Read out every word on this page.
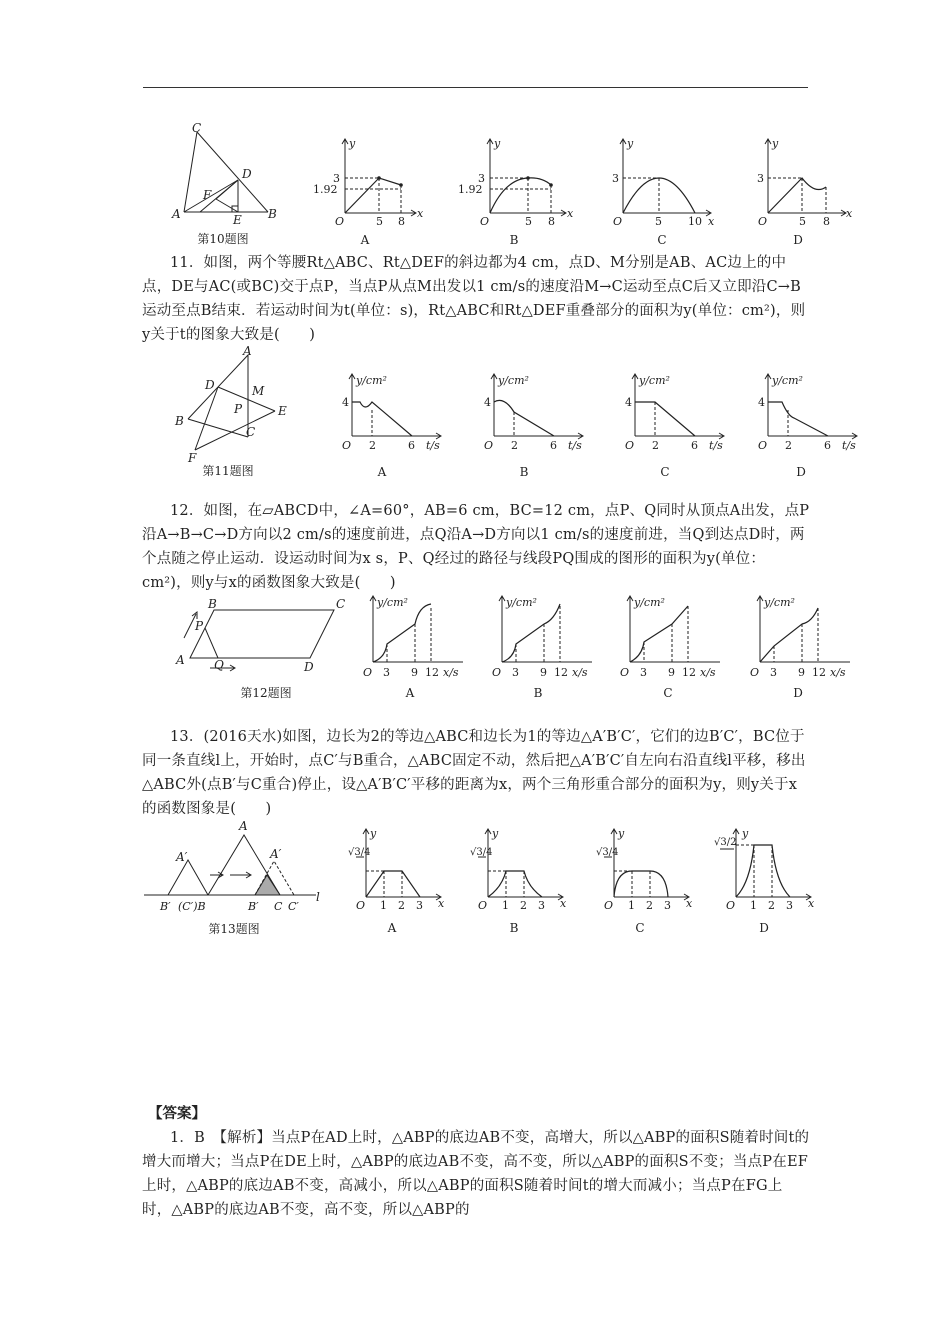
C
D
F
A	E B
第10题图
y
x
O
3
1.92
5 8
A
y
x
O
3
1.92
5 8
B
y
x
O
3
5 10
C
y
x
O
3
5 8
D

11．如图，两个等腰Rt△ABC、Rt△DEF的斜边都为4 cm，点D、M分别是AB、AC边上的中点，DE与AC(或BC)交于点P，当点P从点M出发以1 cm/s的速度沿M→C运动至点C后又立即沿C→B运动至点B结束．若运动时间为t(单位：s)，Rt△ABC和Rt△DEF重叠部分的面积为y(单位：cm²)，则y关于t的图象大致是(　　)

A
D	M
B
P	E
C
F
第11题图
y/cm²
4
O 2	6 t/s
A
y/cm²
4
O 2	6 t/s
B
y/cm²
4
O 2	6 t/s
C
y/cm²
4
O 2	6 t/s
D

12．如图，在▱ABCD中，∠A=60°，AB=6 cm，BC=12 cm，点P、Q同时从顶点A出发，点P沿A→B→C→D方向以2 cm/s的速度前进，点Q沿A→D方向以1 cm/s的速度前进，当Q到达点D时，两个点随之停止运动．设运动时间为x s，P、Q经过的路径与线段PQ围成的图形的面积为y(单位：cm²)，则y与x的函数图象大致是(　　)

B	C
P
A Q	D
第12题图
y/cm²
O 3 9 12 x/s
A
y/cm²
O 3 9 12 x/s
B
y/cm²
O 3 9 12 x/s
C
y/cm²
O 3 9 12 x/s
D

13．(2016天水)如图，边长为2的等边△ABC和边长为1的等边△A′B′C′，它们的边B′C′，BC位于同一条直线l上，开始时，点C′与B重合，△ABC固定不动，然后把△A′B′C′自左向右沿直线l平移，移出△ABC外(点B′与C重合)停止，设△A′B′C′平移的距离为x，两个三角形重合部分的面积为y，则y关于x的函数图象是(　　)

A
A′	A′
B′ (C′)B	B′ C C′
l
第13题图
y
√3/4
O 1 2 3 x
A
y
√3/4
O 1 2 3 x
B
y
√3/4
O 1 2 3 x
C
y
√3/2
O 1 2 3 x
D
【答案】

1．B　【解析】当点P在AD上时，△ABP的底边AB不变，高增大，所以△ABP的面积S随着时间t的增大而增大；当点P在DE上时，△ABP的底边AB不变，高不变，所以△ABP的面积S不变；当点P在EF上时，△ABP的底边AB不变，高减小，所以△ABP的面积S随着时间t的增大而减小；当点P在FG上时，△ABP的底边AB不变，高不变，所以△ABP的
